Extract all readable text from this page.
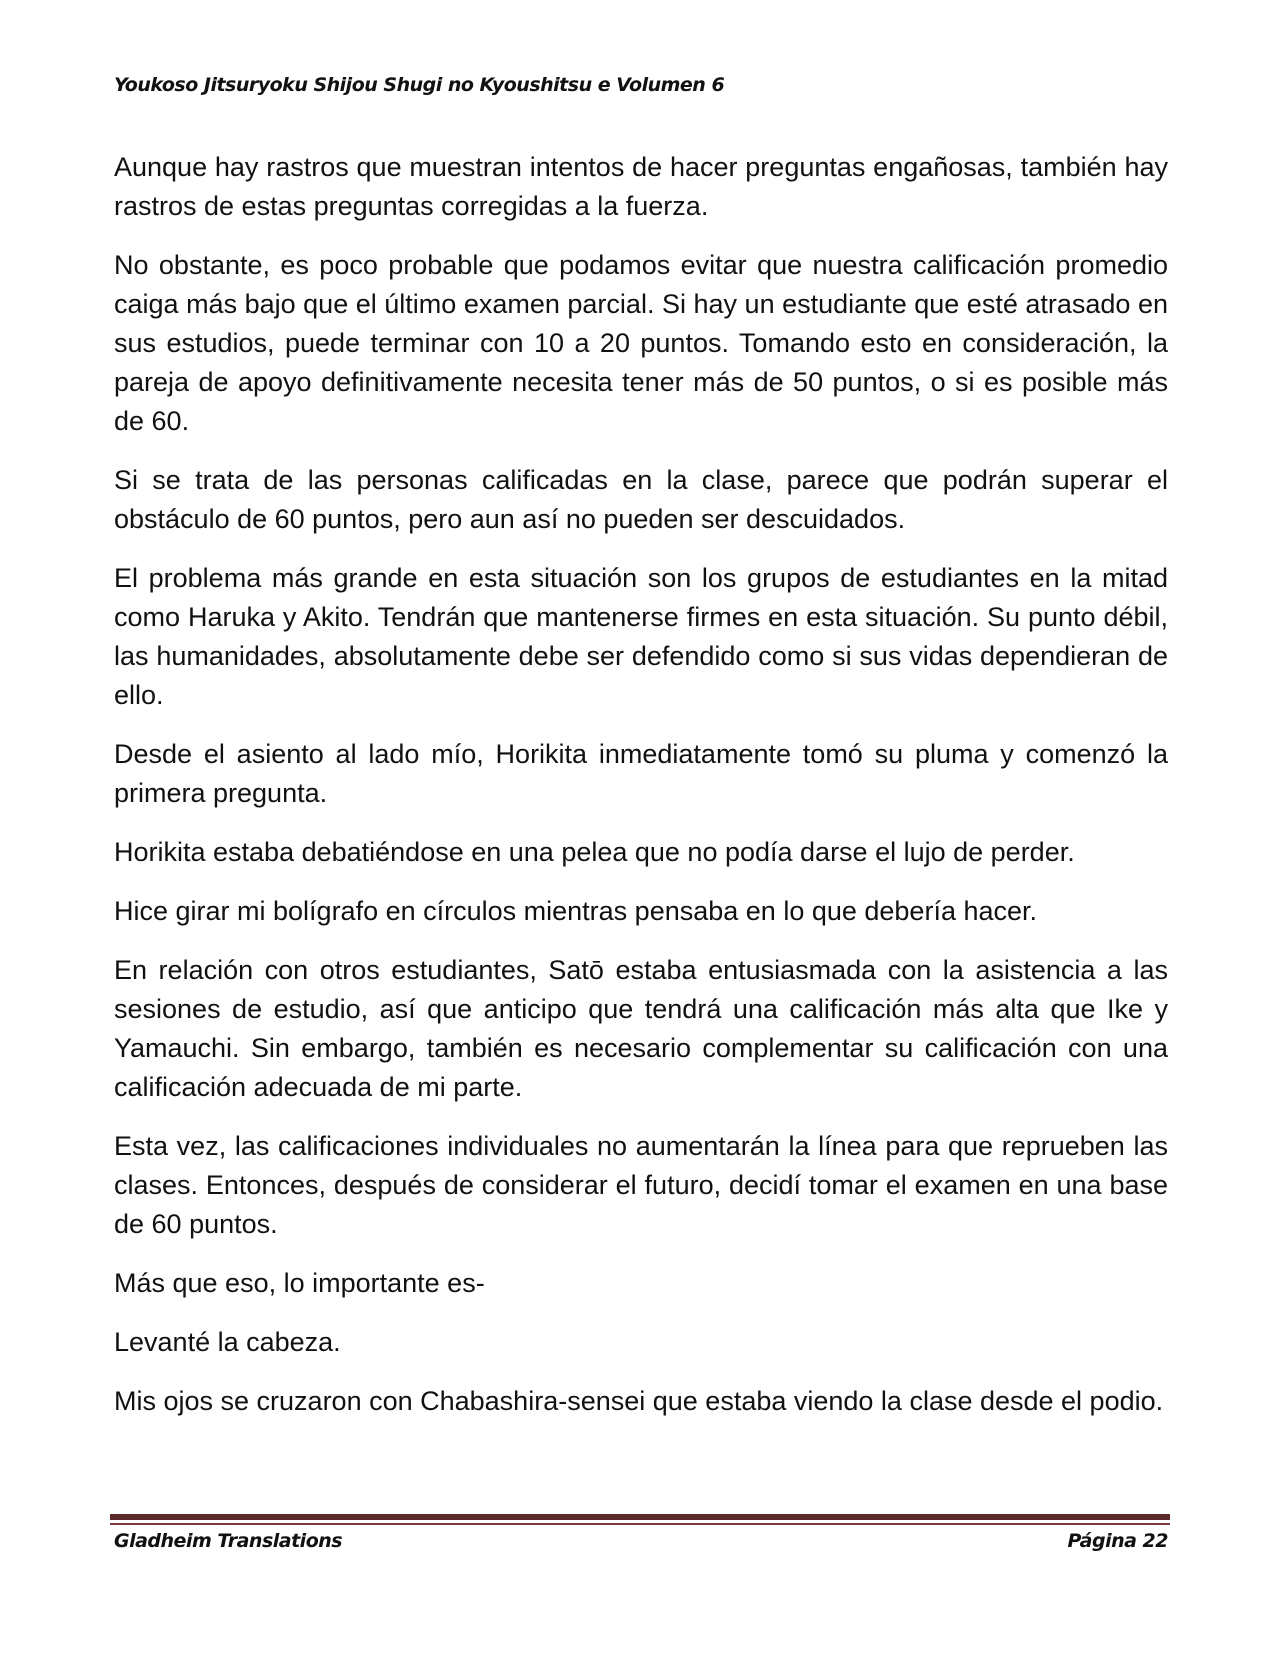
Youkoso Jitsuryoku Shijou Shugi no Kyoushitsu e Volumen 6

Aunque hay rastros que muestran intentos de hacer preguntas engañosas, también hay rastros de estas preguntas corregidas a la fuerza.

No obstante, es poco probable que podamos evitar que nuestra calificación promedio caiga más bajo que el último examen parcial. Si hay un estudiante que esté atrasado en sus estudios, puede terminar con 10 a 20 puntos. Tomando esto en consideración, la pareja de apoyo definitivamente necesita tener más de 50 puntos, o si es posible más de 60.

Si se trata de las personas calificadas en la clase, parece que podrán superar el obstáculo de 60 puntos, pero aun así no pueden ser descuidados.

El problema más grande en esta situación son los grupos de estudiantes en la mitad como Haruka y Akito. Tendrán que mantenerse firmes en esta situación. Su punto débil, las humanidades, absolutamente debe ser defendido como si sus vidas dependieran de ello.

Desde el asiento al lado mío, Horikita inmediatamente tomó su pluma y comenzó la primera pregunta.

Horikita estaba debatiéndose en una pelea que no podía darse el lujo de perder.

Hice girar mi bolígrafo en círculos mientras pensaba en lo que debería hacer.

En relación con otros estudiantes, Satō estaba entusiasmada con la asistencia a las sesiones de estudio, así que anticipo que tendrá una calificación más alta que Ike y Yamauchi. Sin embargo, también es necesario complementar su calificación con una calificación adecuada de mi parte.

Esta vez, las calificaciones individuales no aumentarán la línea para que reprueben las clases. Entonces, después de considerar el futuro, decidí tomar el examen en una base de 60 puntos.

Más que eso, lo importante es-

Levanté la cabeza.

Mis ojos se cruzaron con Chabashira-sensei que estaba viendo la clase desde el podio.

Gladheim Translations	Página 22
